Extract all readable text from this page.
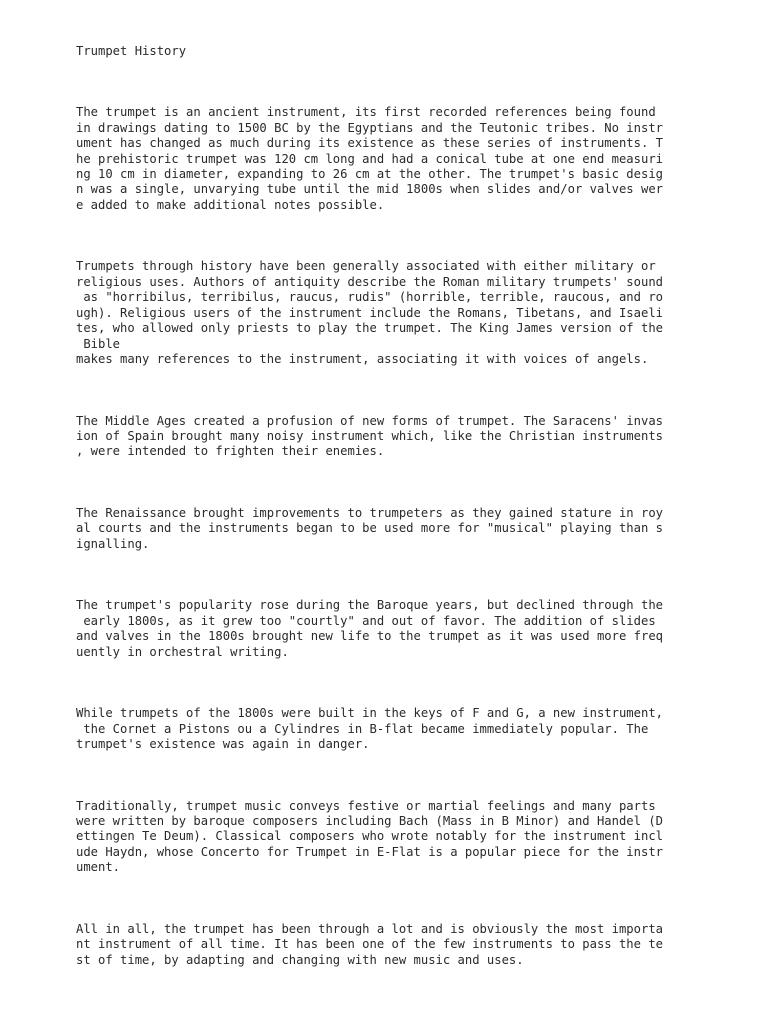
Trumpet History

The trumpet is an ancient instrument, its first recorded references being found
in drawings dating to 1500 BC by the Egyptians and the Teutonic tribes. No instr
ument has changed as much during its existence as these series of instruments. T
he prehistoric trumpet was 120 cm long and had a conical tube at one end measuri
ng 10 cm in diameter, expanding to 26 cm at the other. The trumpet's basic desig
n was a single, unvarying tube until the mid 1800s when slides and/or valves wer
e added to make additional notes possible.

Trumpets through history have been generally associated with either military or
religious uses. Authors of antiquity describe the Roman military trumpets' sound
as "horribilus, terribilus, raucus, rudis" (horrible, terrible, raucous, and ro
ugh). Religious users of the instrument include the Romans, Tibetans, and Isaeli
tes, who allowed only priests to play the trumpet. The King James version of the
Bible
makes many references to the instrument, associating it with voices of angels.

The Middle Ages created a profusion of new forms of trumpet. The Saracens' invas
ion of Spain brought many noisy instrument which, like the Christian instruments
, were intended to frighten their enemies.

The Renaissance brought improvements to trumpeters as they gained stature in roy
al courts and the instruments began to be used more for "musical" playing than s
ignalling.

The trumpet's popularity rose during the Baroque years, but declined through the
early 1800s, as it grew too "courtly" and out of favor. The addition of slides
and valves in the 1800s brought new life to the trumpet as it was used more freq
uently in orchestral writing.

While trumpets of the 1800s were built in the keys of F and G, a new instrument,
the Cornet a Pistons ou a Cylindres in B-flat became immediately popular. The
trumpet's existence was again in danger.

Traditionally, trumpet music conveys festive or martial feelings and many parts
were written by baroque composers including Bach (Mass in B Minor) and Handel (D
ettingen Te Deum). Classical composers who wrote notably for the instrument incl
ude Haydn, whose Concerto for Trumpet in E-Flat is a popular piece for the instr
ument.

All in all, the trumpet has been through a lot and is obviously the most importa
nt instrument of all time. It has been one of the few instruments to pass the te
st of time, by adapting and changing with new music and uses.
